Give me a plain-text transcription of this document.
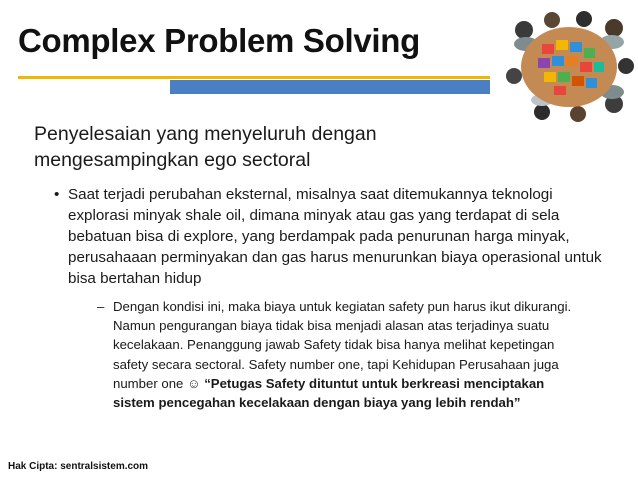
Complex Problem Solving
Penyelesaian yang menyeluruh dengan mengesampingkan ego sectoral
• Saat terjadi perubahan eksternal, misalnya saat ditemukannya teknologi explorasi minyak shale oil, dimana minyak atau gas yang terdapat di sela bebatuan bisa di explore, yang berdampak pada penurunan harga minyak, perusahaaan perminyakan dan gas harus menurunkan biaya operasional untuk bisa bertahan hidup
– Dengan kondisi ini, maka biaya untuk kegiatan safety pun harus ikut dikurangi. Namun pengurangan biaya tidak bisa menjadi alasan atas terjadinya suatu kecelakaan. Penanggung jawab Safety tidak bisa hanya melihat kepetingan safety secara sectoral. Safety number one, tapi Kehidupan Perusahaan juga number one ☺ “Petugas Safety dituntut untuk berkreasi menciptakan sistem pencegahan kecelakaan dengan biaya yang lebih rendah”
Hak Cipta: sentralsistem.com
